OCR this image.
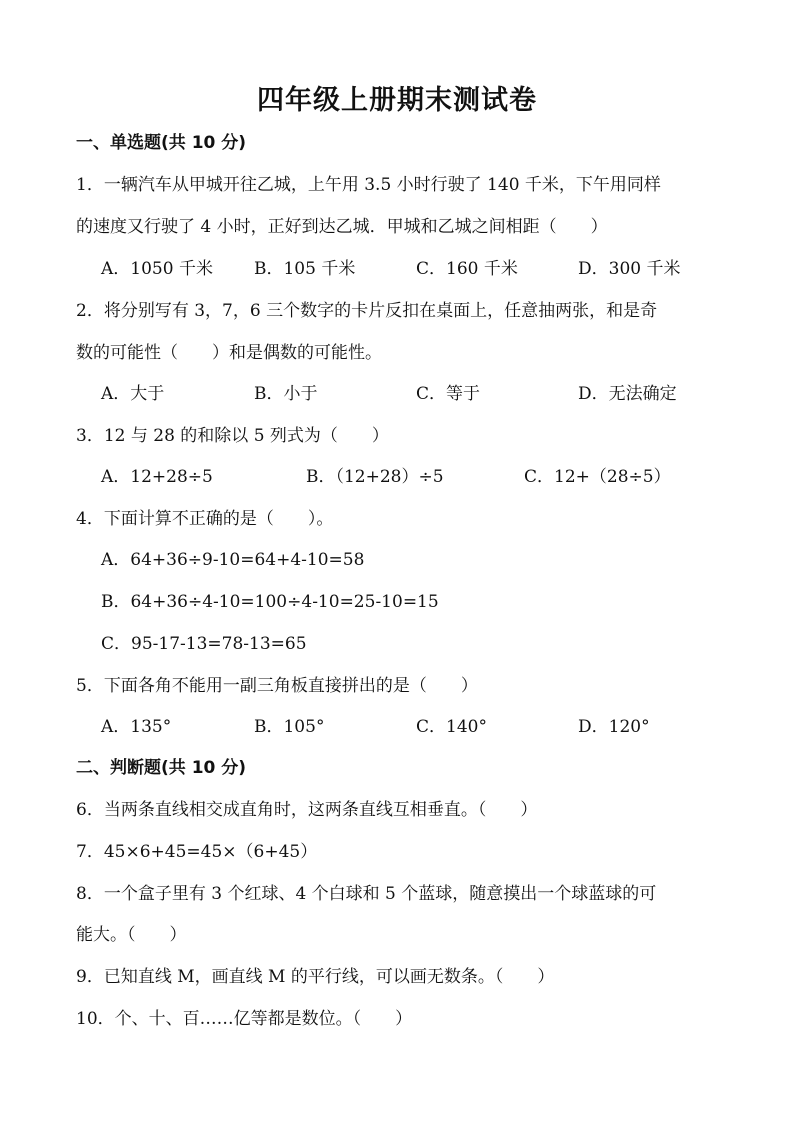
四年级上册期末测试卷
一、单选题(共 10 分)
1．一辆汽车从甲城开往乙城，上午用 3.5 小时行驶了 140 千米，下午用同样
的速度又行驶了 4 小时，正好到达乙城．甲城和乙城之间相距（　　）
A．1050 千米 B．105 千米	C．160 千米	D．300 千米
2．将分别写有 3，7，6 三个数字的卡片反扣在桌面上，任意抽两张，和是奇
数的可能性（　　）和是偶数的可能性。
A．大于	B．小于	C．等于	D．无法确定
3．12 与 28 的和除以 5 列式为（　　）
A．12+28÷5	B．（12+28）÷5	C．12+（28÷5）
4．下面计算不正确的是（　　）。
A．64+36÷9-10=64+4-10=58
B．64+36÷4-10=100÷4-10=25-10=15
C．95-17-13=78-13=65
5．下面各角不能用一副三角板直接拼出的是（　　）
A．135°	B．105°	C．140°	D．120°
二、判断题(共 10 分)
6．当两条直线相交成直角时，这两条直线互相垂直。（　　）
7．45×6+45=45×（6+45）
8．一个盒子里有 3 个红球、4 个白球和 5 个蓝球，随意摸出一个球蓝球的可
能大。（　　）
9．已知直线 M，画直线 M 的平行线，可以画无数条。（　　）
10．个、十、百……亿等都是数位。（　　）
